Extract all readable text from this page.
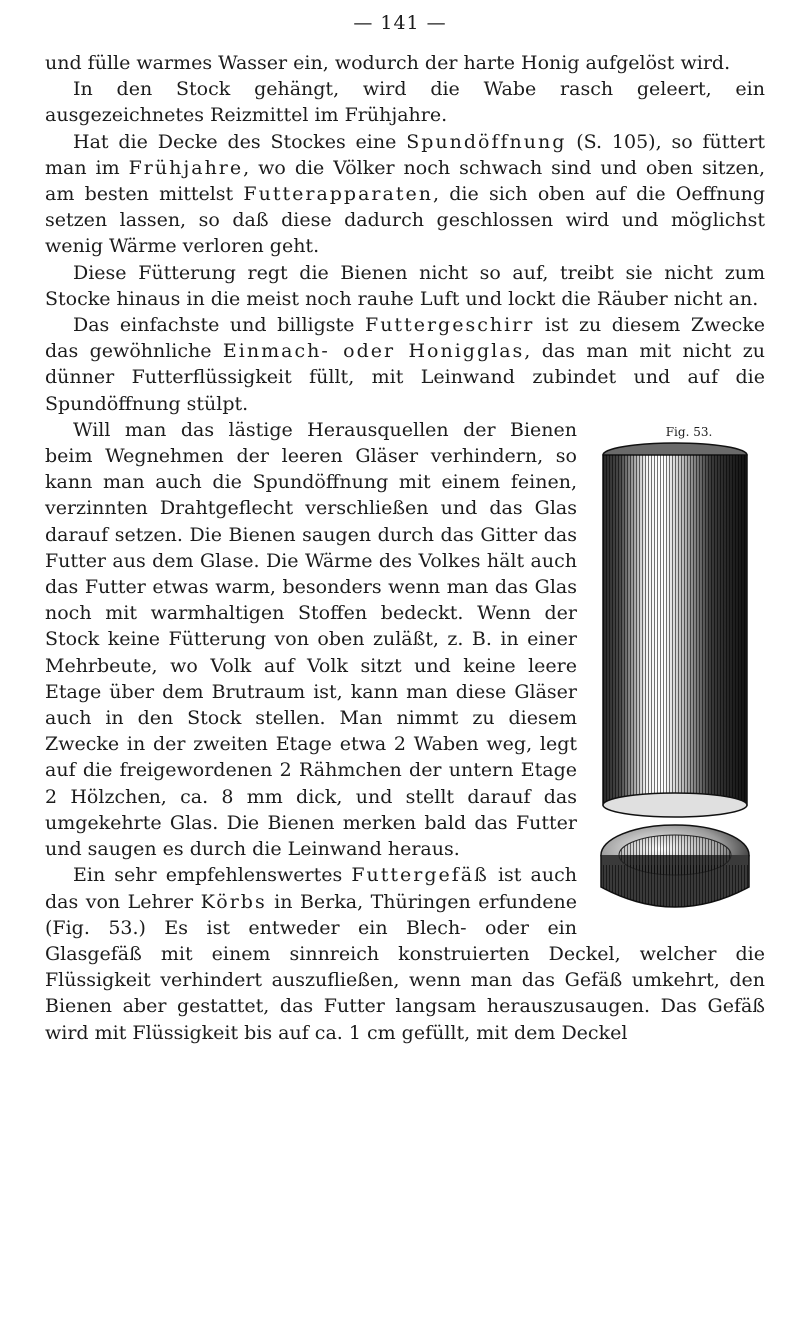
— 141 —

und fülle warmes Wasser ein, wodurch der harte Honig aufgelöst wird.

In den Stock gehängt, wird die Wabe rasch geleert, ein ausgezeichnetes Reizmittel im Frühjahre.

Hat die Decke des Stockes eine Spundöffnung (S. 105), so füttert man im Frühjahre, wo die Völker noch schwach sind und oben sitzen, am besten mittelst Futterapparaten, die sich oben auf die Oeffnung setzen lassen, so daß diese dadurch geschlossen wird und möglichst wenig Wärme verloren geht.

Diese Fütterung regt die Bienen nicht so auf, treibt sie nicht zum Stocke hinaus in die meist noch rauhe Luft und lockt die Räuber nicht an.

Das einfachste und billigste Futtergeschirr ist zu diesem Zwecke das gewöhnliche Einmach- oder Honigglas, das man mit nicht zu dünner Futterflüssigkeit füllt, mit Leinwand zubindet und auf die Spundöffnung stülpt.

Fig. 53.
Will man das lästige Herausquellen der Bienen beim Wegnehmen der leeren Gläser verhindern, so kann man auch die Spundöffnung mit einem feinen, verzinnten Drahtgeflecht verschließen und das Glas darauf setzen. Die Bienen saugen durch das Gitter das Futter aus dem Glase. Die Wärme des Volkes hält auch das Futter etwas warm, besonders wenn man das Glas noch mit warmhaltigen Stoffen bedeckt. Wenn der Stock keine Fütterung von oben zuläßt, z. B. in einer Mehrbeute, wo Volk auf Volk sitzt und keine leere Etage über dem Brutraum ist, kann man diese Gläser auch in den Stock stellen. Man nimmt zu diesem Zwecke in der zweiten Etage etwa 2 Waben weg, legt auf die freigewordenen 2 Rähmchen der untern Etage 2 Hölzchen, ca. 8 mm dick, und stellt darauf das umgekehrte Glas. Die Bienen merken bald das Futter und saugen es durch die Leinwand heraus.

Ein sehr empfehlenswertes Futtergefäß ist auch das von Lehrer Körbs in Berka, Thüringen erfundene (Fig. 53.) Es ist entweder ein Blech- oder ein Glasgefäß mit einem sinnreich konstruierten Deckel, welcher die Flüssigkeit verhindert auszufließen, wenn man das Gefäß umkehrt, den Bienen aber gestattet, das Futter langsam herauszusaugen. Das Gefäß wird mit Flüssigkeit bis auf ca. 1 cm gefüllt, mit dem Deckel
